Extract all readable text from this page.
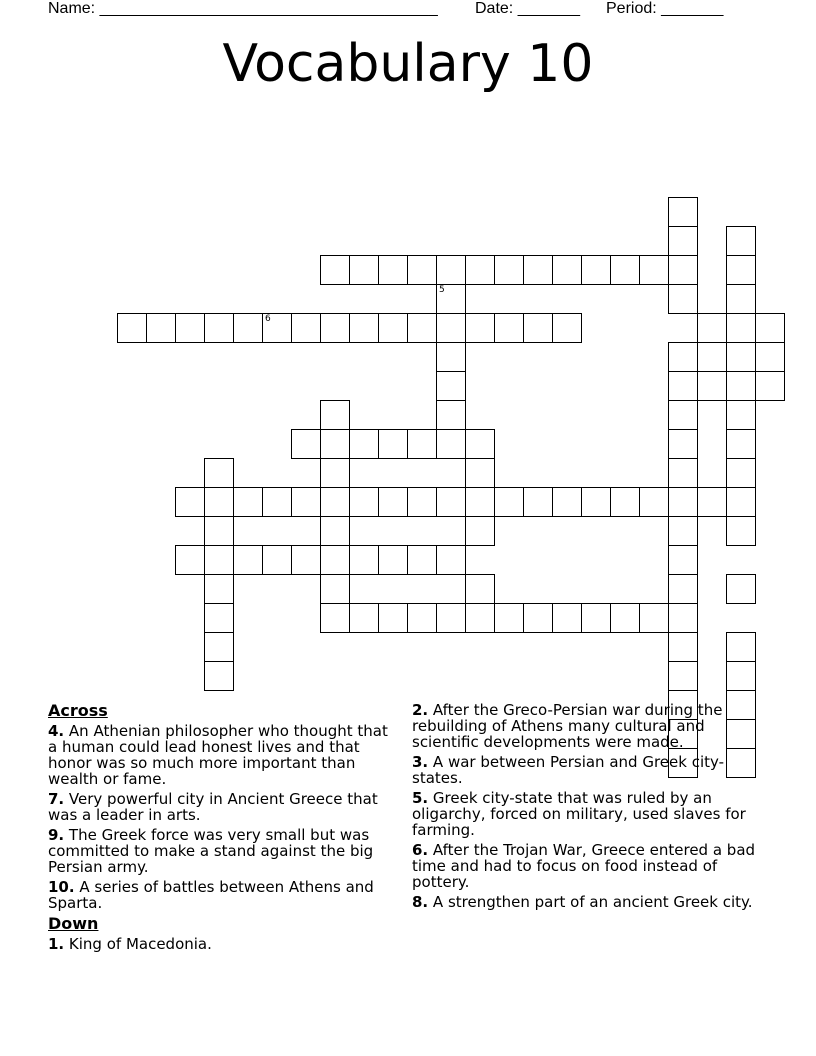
Name: ______________________________________ Date: _______ Period: _______
Vocabulary 10
6
5
Across
4. An Athenian philosopher who thought that a human could lead honest lives and that honor was so much more important than wealth or fame.
7. Very powerful city in Ancient Greece that was a leader in arts.
9. The Greek force was very small but was committed to make a stand against the big Persian army.
10. A series of battles between Athens and Sparta.
Down
1. King of Macedonia.
2. After the Greco-Persian war during the rebuilding of Athens many cultural and scientific developments were made.
3. A war between Persian and Greek city-states.
5. Greek city-state that was ruled by an oligarchy, forced on military, used slaves for farming.
6. After the Trojan War, Greece entered a bad time and had to focus on food instead of pottery.
8. A strengthen part of an ancient Greek city.
